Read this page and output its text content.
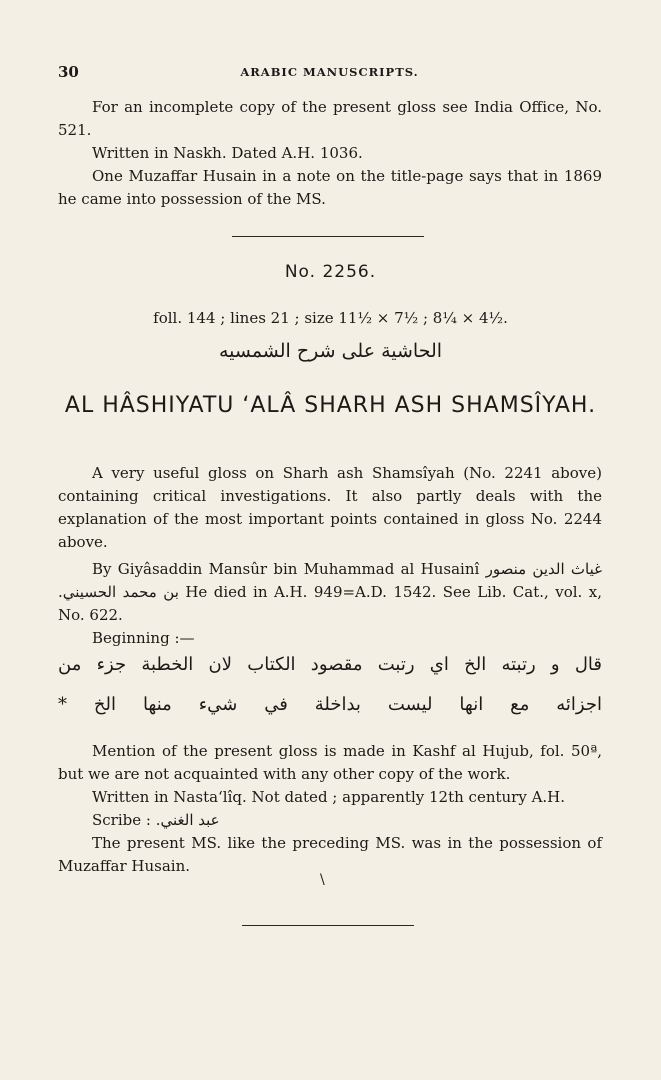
30	ARABIC MANUSCRIPTS.

For an incomplete copy of the present gloss see India Office, No. 521.

Written in Naskh. Dated A.H. 1036.

One Muzaffar Husain in a note on the title-page says that in 1869 he came into possession of the MS.

No. 2256.
foll. 144 ; lines 21 ; size 11½ × 7½ ; 8¼ × 4½.
الحاشية على شرح الشمسيه
AL HÂSHIYATU ‘ALÂ SHARH ASH SHAMSÎYAH.

A very useful gloss on Sharh ash Shamsîyah (No. 2241 above) containing critical investigations. It also partly deals with the explanation of the most important points contained in gloss No. 2244 above.

By Giyâsaddin Mansûr bin Muhammad al Husainî غياث الدين منصور بن محمد الحسيني. He died in A.H. 949=A.D. 1542. See Lib. Cat., vol. x, No. 622.

Beginning :—

قال و رتبته الخ اي رتبت مقصود الكتاب لان الخطبة جزء من
اجزائه مع انها ليست بداخلة في شيء منها الخ *

Mention of the present gloss is made in Kashf al Hujub, fol. 50ª, but we are not acquainted with any other copy of the work.

Written in Nasta‘lîq. Not dated ; apparently 12th century A.H.

Scribe : عبد الغني.

The present MS. like the preceding MS. was in the possession of Muzaffar Husain.

\
